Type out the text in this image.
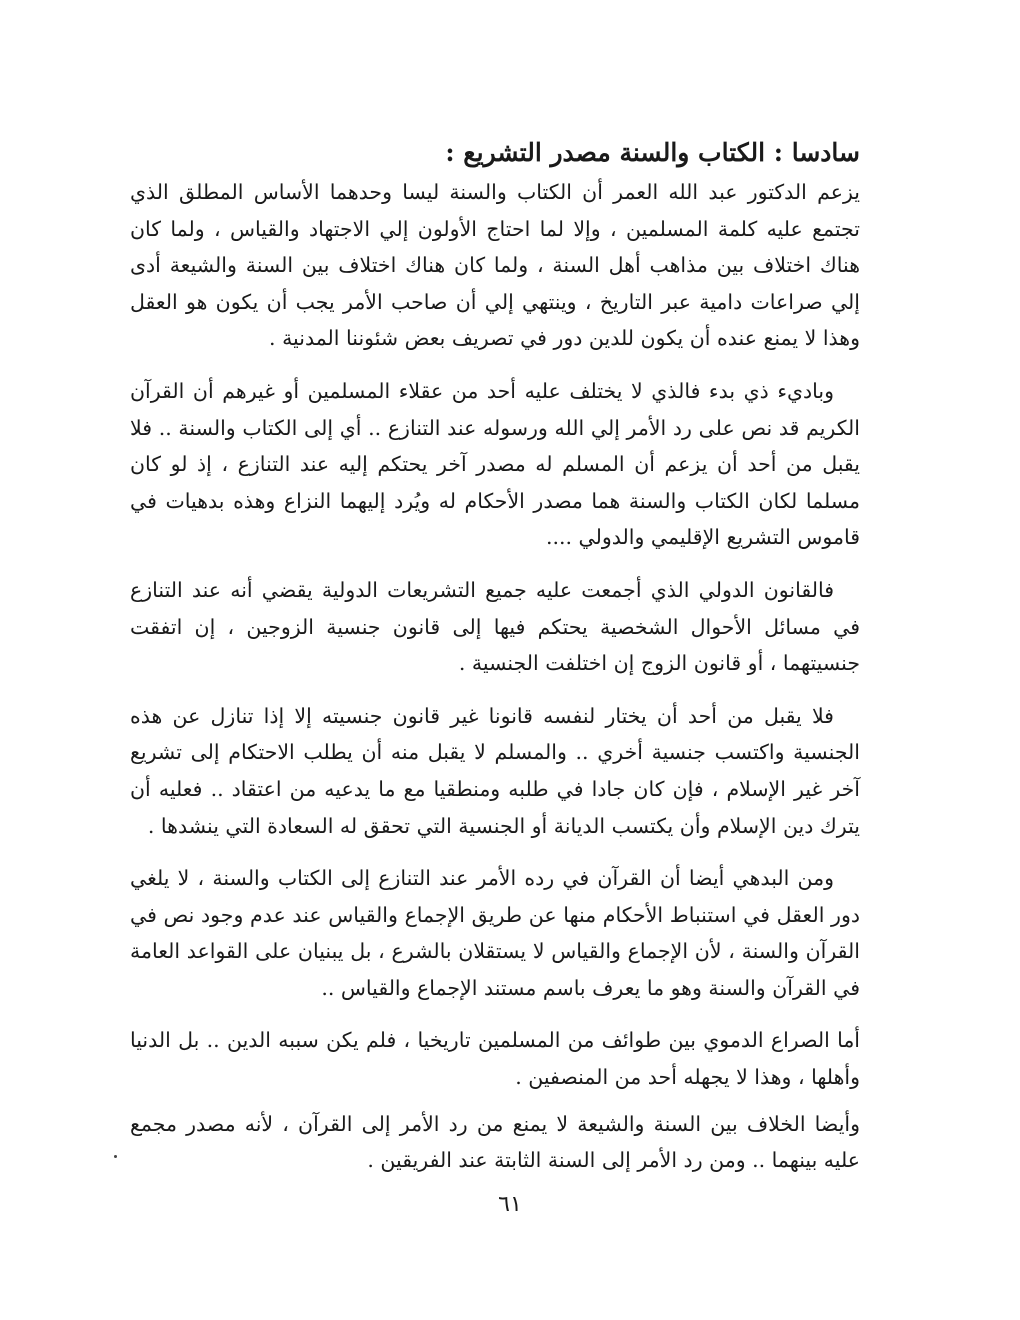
سادسا : الكتاب والسنة مصدر التشريع :

يزعم الدكتور عبد الله العمر أن الكتاب والسنة ليسا وحدهما الأساس المطلق الذي تجتمع عليه كلمة المسلمين ، وإلا لما احتاج الأولون إلي الاجتهاد والقياس ، ولما كان هناك اختلاف بين مذاهب أهل السنة ، ولما كان هناك اختلاف بين السنة والشيعة أدى إلي صراعات دامية عبر التاريخ ، وينتهي إلي أن صاحب الأمر يجب أن يكون هو العقل وهذا لا يمنع عنده أن يكون للدين دور في تصريف بعض شئوننا المدنية .

وباديء ذي بدء فالذي لا يختلف عليه أحد من عقلاء المسلمين أو غيرهم أن القرآن الكريم قد نص على رد الأمر إلي الله ورسوله عند التنازع .. أي إلى الكتاب والسنة .. فلا يقبل من أحد أن يزعم أن المسلم له مصدر آخر يحتكم إليه عند التنازع ، إذ لو كان مسلما لكان الكتاب والسنة هما مصدر الأحكام له ويُرد إليهما النزاع وهذه بدهيات في قاموس التشريع الإقليمي والدولي ....

فالقانون الدولي الذي أجمعت عليه جميع التشريعات الدولية يقضي أنه عند التنازع في مسائل الأحوال الشخصية يحتكم فيها إلى قانون جنسية الزوجين ، إن اتفقت جنسيتهما ، أو قانون الزوج إن اختلفت الجنسية .

فلا يقبل من أحد أن يختار لنفسه قانونا غير قانون جنسيته إلا إذا تنازل عن هذه الجنسية واكتسب جنسية أخري .. والمسلم لا يقبل منه أن يطلب الاحتكام إلى تشريع آخر غير الإسلام ، فإن كان جادا في طلبه ومنطقيا مع ما يدعيه من اعتقاد .. فعليه أن يترك دين الإسلام وأن يكتسب الديانة أو الجنسية التي تحقق له السعادة التي ينشدها .

ومن البدهي أيضا أن القرآن في رده الأمر عند التنازع إلى الكتاب والسنة ، لا يلغي دور العقل في استنباط الأحكام منها عن طريق الإجماع والقياس عند عدم وجود نص في القرآن والسنة ، لأن الإجماع والقياس لا يستقلان بالشرع ، بل يبنيان على القواعد العامة في القرآن والسنة وهو ما يعرف باسم مستند الإجماع والقياس ..

أما الصراع الدموي بين طوائف من المسلمين تاريخيا ، فلم يكن سببه الدين .. بل الدنيا وأهلها ، وهذا لا يجهله أحد من المنصفين .

وأيضا الخلاف بين السنة والشيعة لا يمنع من رد الأمر إلى القرآن ، لأنه مصدر مجمع عليه بينهما .. ومن رد الأمر إلى السنة الثابتة عند الفريقين .

٦١
